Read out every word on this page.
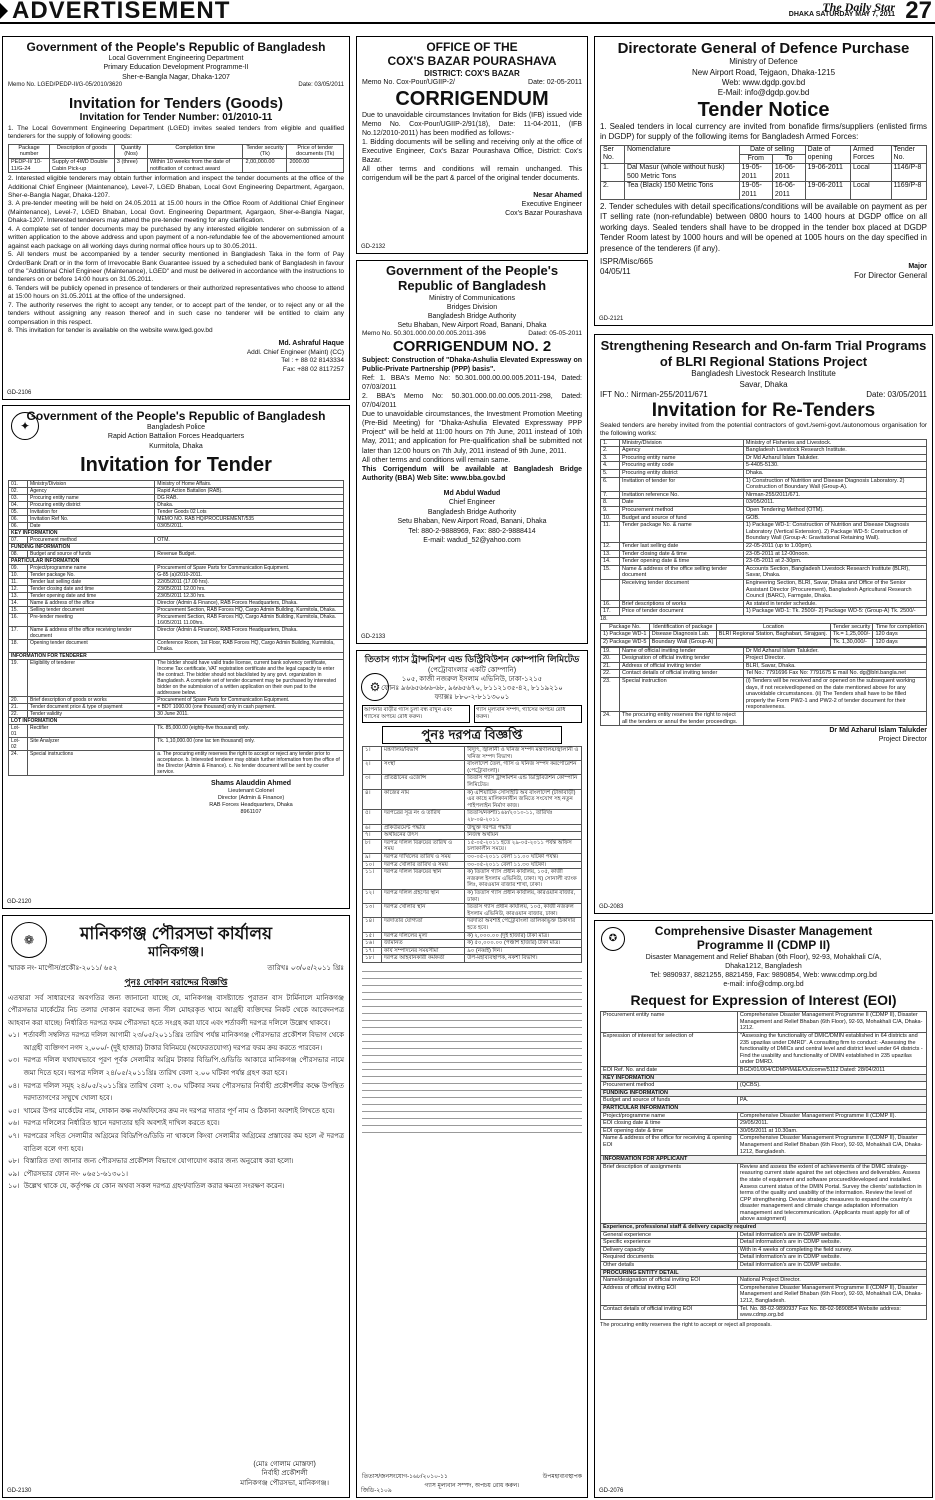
ADVERTISEMENT	The Daily Star
DHAKA SATURDAY MAY 7, 2011 27
Government of the People's Republic of Bangladesh
Local Government Engineering Department
Primary Education Development Programme-II
Sher-e-Bangla Nagar, Dhaka-1207
Memo No. LGED/PEDP-II/G-05/2010/3620	Date: 03/05/2011
Invitation for Tenders (Goods)
Invitation for Tender Number: 01/2010-11
1. The Local Government Engineering Department (LGED) invites sealed tenders from eligible and qualified tenderers for the supply of following goods:
Package number	Description of goods	Quantity (Nos)	Completion time	Tender security (Tk)	Price of tender documents (Tk)
PEDP-II/ 10-11/G-24	Supply of 4WD Double Cabin Pick-up	3 (three)	Within 10 weeks from the date of notification of contract award	2,00,000.00	2000.00
2. Interested eligible tenderers may obtain further information and inspect the tender documents at the office of the Additional Chief Engineer (Maintenance), Level-7, LGED Bhaban, Local Govt Engineering Department, Agargaon, Sher-e-Bangla Nagar, Dhaka-1207.
3. A pre-tender meeting will be held on 24.05.2011 at 15.00 hours in the Office Room of Additional Chief Engineer (Maintenance), Level-7, LGED Bhaban, Local Govt. Engineering Department, Agargaon, Sher-e-Bangla Nagar, Dhaka-1207. Interested tenderers may attend the pre-tender meeting for any clarification.
4. A complete set of tender documents may be purchased by any interested eligible tenderer on submission of a written application to the above address and upon payment of a non-refundable fee of the abovementioned amount against each package on all working days during normal office hours up to 30.05.2011.
5. All tenders must be accompanied by a tender security mentioned in Bangladesh Taka in the form of Pay Order/Bank Draft or in the form of Irrevocable Bank Guarantee issued by a scheduled bank of Bangladesh in favour of the "Additional Chief Engineer (Maintenance), LGED" and must be delivered in accordance with the instructions to tenderers on or before 14:00 hours on 31.05.2011.
6. Tenders will be publicly opened in presence of tenderers or their authorized representatives who choose to attend at 15:00 hours on 31.05.2011 at the office of the undersigned.
7. The authority reserves the right to accept any tender, or to accept part of the tender, or to reject any or all the tenders without assigning any reason thereof and in such case no tenderer will be entitled to claim any compensation in this respect.
8. This invitation for tender is available on the website www.lged.gov.bd
Md. Ashraful Haque
Addl. Chief Engineer (Maint) (CC)
Tel : + 88 02 8143334
Fax: +88 02 8117257
GD-2106
OFFICE OF THE
COX'S BAZAR POURASHAVA
DISTRICT: COX'S BAZAR
Memo No. Cox-Pour/UGIIP-2/	Date: 02-05-2011
CORRIGENDUM
Due to unavoidable circumstances Invitation for Bids (IFB) issued vide Memo No. Cox-Pour/UGIIP-2/91(18), Date: 11-04-2011, (IFB No.12/2010-2011) has been modified as follows:-
1. Bidding documents will be selling and receiving only at the office of Executive Engineer, Cox's Bazar Pourashava Office, District: Cox's Bazar.
All other terms and conditions will remain unchanged. This corrigendum will be the part & parcel of the original tender documents.
Nesar Ahamed
Executive Engineer
Cox's Bazar Pourashava
GD-2132
Directorate General of Defence Purchase
Ministry of Defence
New Airport Road, Tejgaon, Dhaka-1215
Web: www.dgdp.gov.bd
E-Mail: info@dgdp.gov.bd
Tender Notice
1. Sealed tenders in local currency are invited from bonafide firms/suppliers (enlisted firms in DGDP) for supply of the following items for Bangladesh Armed Forces:
Ser No.	Nomenclature	Date of selling		Date of opening	Armed Forces	Tender No.
		From	To			
1.	Dal Masur (whole without husk) 500 Metric Tons	19-05-2011	16-06-2011	19-06-2011	Local	1146/P-8
2.	Tea (Black) 150 Metric Tons	19-05-2011	16-06-2011	19-06-2011	Local	1169/P-8
2. Tender schedules with detail specifications/conditions will be available on payment as per IT selling rate (non-refundable) between 0800 hours to 1400 hours at DGDP office on all working days. Sealed tenders shall have to be dropped in the tender box placed at DGDP Tender Room latest by 1000 hours and will be opened at 1005 hours on the day specified in presence of the tenderers (if any).
ISPR/Misc/665
04/05/11
Major
For Director General
GD-2121
Government of the People's Republic of Bangladesh
Ministry of Communications
Bridges Division
Bangladesh Bridge Authority
Setu Bhaban, New Airport Road, Banani, Dhaka
Memo No. 50.301.000.00.00.005.2011-396	Dated: 05-05-2011
CORRIGENDUM NO. 2
Subject: Construction of "Dhaka-Ashulia Elevated Expressway on Public-Private Partnership (PPP) basis".
Ref: 1. BBA's Memo No: 50.301.000.00.00.005.2011-194, Dated: 07/03/2011
2. BBA's Memo No: 50.301.000.00.00.005.2011-298, Dated: 07/04/2011
Due to unavoidable circumstances, the Investment Promotion Meeting (Pre-Bid Meeting) for "Dhaka-Ashulia Elevated Expressway PPP Project" will be held at 11:00 hours on 7th June, 2011 instead of 10th May, 2011; and application for Pre-qualification shall be submitted not later than 12:00 hours on 7th July, 2011 instead of 9th June, 2011.
All other terms and conditions will remain same.
This Corrigendum will be available at Bangladesh Bridge Authority (BBA) Web Site: www.bba.gov.bd
Md Abdul Wadud
Chief Engineer
Bangladesh Bridge Authority
Setu Bhaban, New Airport Road, Banani, Dhaka
Tel: 880-2-9888969, Fax: 880-2-9888414
E-mail: wadud_52@yahoo.com
GD-2133
✦
Government of the People's Republic of Bangladesh
Bangladesh Police
Rapid Action Battalion Forces Headquarters
Kurmitola, Dhaka
Invitation for Tender
01.	Ministry/Division	Ministry of Home Affairs.
02.	Agency	Rapid Action Battalion (RAB).
03.	Procuring entity name	DG RAB.
04.	Procuring entity district	Dhaka.
05.	Invitation for	Tender Goods 02 Lots
06.	Invitation Ref No.	MEMO NO. RAB HQ/PROCUREMENT/535
06.	Date	03/05/2011.
KEY INFORMATION		
07.	Procurement method	OTM.
FUNDING INFORMATION		
08.	Budget and source of funds	Revenue Budget.
PARTICULAR INFORMATION		
09.	Project/programme name	Procurement of Spare Parts for Communication Equipment.
10.	Tender package No.	G-85 (a)/2010-2011.
11.	Tender last selling date	22/05/2011 (17.00 hrs).
12.	Tender closing date and time	23/05/2011 12.00 hrs.
13.	Tender opening date and time	23/05/2011 12.30 hrs.
14.	Name & address of the office	Director (Admin & Finance), RAB Forces Headquarters, Dhaka.
15.	Selling tender document	Procurement Section, RAB Forces HQ, Cargo Admin Building, Kurmitola, Dhaka.
16.	Pre-tender meeting	Procurement Section, RAB Forces HQ, Cargo Admin Building, Kurmitola, Dhaka. 16/05/2011 11.00hrs.
17.	Name & address of the office receiving tender document	Director (Admin & Finance), RAB Forces Headquarters, Dhaka.
18.	Opening tender document	Conference Room, 1st Floor, RAB Forces HQ, Cargo Admin Building, Kurmitola, Dhaka.
INFORMATION FOR TENDERER		
19.	Eligibility of tenderer	The bidder should have valid trade license, current bank solvency certificate, Income Tax certificate, VAT registration certificate and the legal capacity to enter the contract. The bidder should not blacklisted by any govt. organization in Bangladesh. A complete set of tender document may be purchased by interested bidder on the submission of a written application on their own pad to the addressee below.
20.	Brief description of goods or works	Procurement of Spare Parts for Communication Equipment.
21.	Tender document price & type of payment	= BDT 1000.00 (one thousand) only in cash payment.
22.	Tender validity	30 June 2011.
LOT INFORMATION		
Lot-01	Rectifier	Tk. 85,000.00 (eighty-five thousand) only.
Lot-02	Site Analyzer	Tk. 1,10,000.00 (one lac ten thousand) only.
24.	Special instructions	a. The procuring entity reserves the right to accept or reject any tender prior to acceptance. b. Interested tenderer may obtain further information from the office of the Director (Admin & Finance). c. No tender document will be sent by courier service.
Shams Alauddin Ahmed
Lieutenant Colonel
Director (Admin & Finance)
RAB Forces Headquarters, Dhaka
8961107
GD-2120
Strengthening Research and On-farm Trial Programs of BLRI Regional Stations Project
Bangladesh Livestock Research Institute
Savar, Dhaka
IFT No.: Nirman-255/2011/671	Date: 03/05/2011
Invitation for Re-Tenders
Sealed tenders are hereby invited from the potential contractors of govt./semi-govt./autonomous organisation for the following works:
1.	Ministry/Division	Ministry of Fisheries and Livestock.
2.	Agency	Bangladesh Livestock Research Institute.
3.	Procuring entity name	Dr Md Azharul Islam Talukder.
4.	Procuring entity code	5-4405-5130.
5.	Procuring entity district	Dhaka.
6.	Invitation of tender for	1) Construction of Nutrition and Disease Diagnosis Laboratory. 2) Construction of Boundary Wall (Group-A).
7.	Invitation reference No.	Nirman-255/2011/671.
8.	Date	03/05/2011.
9.	Procurement method	Open Tendering Method (OTM).
10.	Budget and source of fund	GOB.
11.	Tender package No. & name	1) Package WD-1: Construction of Nutrition and Disease Diagnosis Laboratory (Vertical Extension). 2) Package WD-5: Construction of Boundary Wall (Group-A: Gravitational Retaining Wall).
12.	Tender last selling date	22-05-2011 (up to 1.00pm).
13.	Tender closing date & time	23-05-2011 at 12-00noon.
14.	Tender opening date & time	23-05-2011 at 2-30pm.
15.	Name & address of the office selling tender document	Accounts Section, Bangladesh Livestock Research Institute (BLRI), Savar, Dhaka.
	Receiving tender document	Engineering Section, BLRI, Savar, Dhaka and Office of the Senior Assistant Director (Procurement), Bangladesh Agricultural Research Council (BARC), Farmgate, Dhaka.
16.	Brief descriptions of works	As stated in tender schedule.
17.	Price of tender document	1) Package WD-1: Tk. 2500/- 2) Package WD-5: (Group-A) Tk. 2500/-
18.
Package No.	Identification of package	Location	Tender security	Time for completion
1) Package WD-1	Disease Diagnosis Lab.	BLRI Regional Station, Baghabari, Sirajganj.	Tk.= 1,25,000/-	120 days
2) Package WD-5	Boundary Wall (Group-A)		Tk. 1,30,000/-	120 days
19.	Name of official inviting tender	Dr Md Azharul Islam Talukder.
20.	Designation of official inviting tender	Project Director.
21.	Address of official inviting tender	BLRI, Savar, Dhaka.
22.	Contact details of official inviting tender	Tel No.: 7791696 Fax No: 7791675 E mail No. dg@blri.bangla.net
23.	Special instruction	(i) Tenders will be received and or opened on the subsequent working days, if not received/opened on the date mentioned above for any unavoidable circumstances. (ii) The Tenders shall have to be filled properly the Form PW2-1 and PW2-2 of tender document for their responsiveness.
24.	The procuring entity reserves the right to reject all the tenders or annul the tender proceedings.	
Dr Md Azharul Islam Talukder
Project Director
GD-2083
⚙
তিতাস গ্যাস ট্রান্সমিশন এন্ড ডিস্ট্রিবিউশন কোম্পানি লিমিটেড
(পেট্রোবাংলার একটি কোম্পানি)
১০৫, কাজী নজরুল ইসলাম এভিনিউ, ঢাকা-১২১৫
ফোনঃ ৯৬৬৫৬৬৬-৬৮, ৯৬৬৫৬৭০, ৮১১২১৩৫-৪২, ৮১১৯২১০
ফ্যাক্সঃ ৮৮০-২-৮১১৩০০১
আপনার বাড়ীর গ্যাস চুলা বন্ধ রাখুন এবং গ্যাসের অপচয় রোধ করুন।
গ্যাস মূল্যবান সম্পদ, গ্যাসের অপচয় রোধ করুন।
পুনঃ দরপত্র বিজ্ঞপ্তি
১।	মন্ত্রণালয়/বিভাগ	বিদ্যুৎ, জ্বালানী ও খনিজ সম্পদ মন্ত্রণালয়/জ্বালানী ও খনিজ সম্পদ বিভাগ।
২।	সংস্থা	বাংলাদেশ তৈল, গ্যাস ও খনিজ সম্পদ করপোরেশন (পেট্রোবাংলা)।
৩।	প্রতিষ্ঠানের এজেন্সি	তিতাস গ্যাস ট্রান্সমিশন এন্ড ডিস্ট্রিবিউশন কোম্পানি লিমিটেড।
৪।	কাজের নাম	ক) এশিয়াটিক সোসাইটি অব বাংলাদেশ (টাঙ্গাবাড়ী) এর কাছে মালিকানাধীন জমিতে সংযোগ সহ নতুন পাইপলাইন নির্মাণ কাজ।
৫।	দরপত্রের সূত্র নং ও তারিখ	তিতাস/নকশা/১৬৮/২০১০-১১, তারিখঃ ২৮-০৪-২০১১
৬।	প্রকিউরমেন্ট পদ্ধতি	উন্মুক্ত দরপত্র পদ্ধতি
৭।	অর্থায়নের উৎস	নিজস্ব অর্থায়ন
৮।	দরপত্র দলিল বিক্রয়ের তারিখ ও সময়	১৫-০৫-২০১১ হতে ২৯-০৫-২০১১ পর্যন্ত অফিস চলাকালীন সময়ে।
৯।	দরপত্র দাখিলের তারিখ ও সময়	৩০-০৫-২০১১ বেলা ১১.০০ ঘটিকা পর্যন্ত।
১০।	দরপত্র খোলার তারিখ ও সময়	৩০-০৫-২০১১ বেলা ১১.৩০ ঘটিকা।
১১।	দরপত্র দলিল বিক্রয়ের স্থান	ক) তিতাস গ্যাস প্রধান কার্যালয়, ১০৫, কাজী নজরুল ইসলাম এভিনিউ, ঢাকা। খ) সোনালী ব্যাংক লিঃ, কারওয়ান বাজার শাখা, ঢাকা।
১২।	দরপত্র দলিল গ্রহণের স্থান	ক) তিতাস গ্যাস প্রধান কার্যালয়, কারওয়ান বাজার, ঢাকা।
১৩।	দরপত্র খোলার স্থান	তিতাস গ্যাস প্রধান কার্যালয়, ১০৫, কাজী নজরুল ইসলাম এভিনিউ, কারওয়ান বাজার, ঢাকা।
১৪।	দরদাতার যোগ্যতা	দরদাতা অবশ্যই পেট্রোবাংলা তালিকাভুক্ত ঠিকাদার হতে হবে।
১৫।	দরপত্র দলিলের মূল্য	ক) ২,০০০.০০ (দুই হাজার) টাকা মাত্র।
১৬।	জামানত	ক) ৫০,০০০.০০ (পঞ্চাশ হাজার) টাকা মাত্র।
১৭।	কার্য সম্পাদনের সময়সীমা	৯০ (নব্বই) দিন।
১৮।	দরপত্র আহবানকারী কর্মকর্তা	উপ-মহাব্যবস্থাপক, নকশা বিভাগ।
তিতাস/জনসংযোগ-১৬৮/২০১০-১১	উপমহাব্যবস্থাপক
গ্যাস মূল্যবান সম্পদ, অপচয় রোধ করুন।
জিডি-২১০৯
❁	মানিকগঞ্জ পৌরসভা কার্যালয়
মানিকগঞ্জ।
স্মারক নং- মাপৌস/প্রকৌঃ-২০১১/ ৬৫২	তারিখঃ ০৩/০৫/২০১১ খ্রিঃ
পুনঃ দোকান বরাদ্দের বিজ্ঞপ্তি
এতদ্বারা সর্ব সাধারণের অবগতির জন্য জানানো যাচ্ছে যে, মানিকগঞ্জ বাসষ্ট্যান্ডে পুরাতন বাস টার্মিনালে মানিকগঞ্জ পৌরসভার মার্কেটের নিচ তলার দোকান বরাদ্দের জন্য সীল মোহরকৃত খামে আগ্রহী ব্যক্তিদের নিকট থেকে আবেদনপত্র আহবান করা যাচ্ছে। নির্ধারিত দরপত্র ফরম পৌরসভা হতে সংগ্রহ করা যাবে এবং শর্তাবলী দরপত্র দলিলে উল্লেখ থাকবে।
০১। শর্তাবলী সম্বলিত দরপত্র দলিল আগামী ২৩/০৫/২০১১খ্রিঃ তারিখ পর্যন্ত মানিকগঞ্জ পৌরসভার প্রকৌশল বিভাগ থেকে আগ্রহী ব্যক্তিগণ নগদ ২,০০০/- (দুই হাজার) টাকার বিনিময়ে (অফেরতযোগ্য) দরপত্র ফরম ক্রয় করতে পারবেন।
০৩। দরপত্র দলিল যথাযথভাবে পূরণ পূর্বক সেলামীর অগ্রিম টাকার বিডি/পি.ও/ডিডি আকারে মানিকগঞ্জ পৌরসভার নামে জমা দিতে হবে। দরপত্র দলিল ২৪/০৫/২০১১খ্রিঃ তারিখ বেলা ২.০০ ঘটিকা পর্যন্ত গ্রহণ করা হবে।
০৪। দরপত্র দলিল সমূহ ২৪/০৫/২০১১খ্রিঃ তারিখ বেলা ২.৩০ ঘটিকার সময় পৌরসভার নির্বাহী প্রকৌশলীর কক্ষে উপস্থিত দরদাতাগণের সম্মুখে খোলা হবে।
০৫। খামের উপর মার্কেটের নাম, দোকান কক্ষ নং/অফিসের ক্রম নং দরপত্র দাতার পূর্ণ নাম ও ঠিকানা অবশ্যই লিখতে হবে।
০৬। দরপত্র দলিলের নির্ধারিত স্থানে দরদাতার ছবি অবশ্যই দাখিল করতে হবে।
০৭। দরপত্রের সহিত সেলামীর অগ্রিমের বিডি/পিও/ডিডি না থাকলে কিংবা সেলামীর অগ্রিমের প্রস্তাবের কম হলে ঐ দরপত্র বাতিল বলে গণ্য হবে।
০৮। বিস্তারিত তথ্য জানার জন্য পৌরসভার প্রকৌশল বিভাগে যোগাযোগ করার জন্য অনুরোধ করা হলো।
০৯। পৌরসভার ফোন নং- ০৬৫১-৬১৩০১।
১০। উল্লেখ থাকে যে, কর্তৃপক্ষ যে কোন অথবা সকল দরপত্র গ্রহণ/বাতিল করার ক্ষমতা সংরক্ষণ করেন।
(মোঃ গোলাম মোস্তফা)
নির্বাহী প্রকৌশলী
মানিকগঞ্জ পৌরসভা, মানিকগঞ্জ।
GD-2130
✪
Comprehensive Disaster Management Programme II (CDMP II)
Disaster Management and Relief Bhaban (6th Floor), 92-93, Mohakhali C/A,
Dhaka1212, Bangladesh
Tel: 9890937, 8821255, 8821459, Fax: 9890854, Web: www.cdmp.org.bd
e-mail: info@cdmp.org.bd
Request for Expression of Interest (EOI)
Procurement entity name	Comprehensive Disaster Management Programme II (CDMP II), Disaster Management and Relief Bhaban (6th Floor), 92-93, Mohakhali C/A, Dhaka-1212.
Expression of interest for selection of	"Assessing the functionality of DMIC/DMIN established in 64 districts and 235 upazilas under DMRD". A consulting firm to conduct: -Assessing the functionality of DMICs and central level and district level under 64 districts -Find the usability and functionality of DMIN established in 235 upazilas under DMRD.
EOI Ref. No. and date	BGD/01/004/CDMP/M&E/Outcome/5112 Dated: 28/04/2011
KEY INFORMATION	
Procurement method	(QCBS).
FUNDING INFORMATION	
Budget and source of funds	PA.
PARTICULAR INFORMATION	
Project/programme name	Comprehensive Disaster Management Programme II (CDMP II).
EOI closing date & time	29/05/2011.
EOI opening date & time	30/05/2011 at 10.30am.
Name & address of the office for receiving & opening EOI	Comprehensive Disaster Management Programme II (CDMP II), Disaster Management and Relief Bhaban (6th Floor), 92-93, Mohakhali C/A, Dhaka-1212, Bangladesh.
INFORMATION FOR APPLICANT	
Brief description of assignments	Review and assess the extent of achievements of the DMIC strategy-reasuring current state against the set objectives and deliverables. Assess the state of equipment and software procured/developed and installed. Assess current status of the DMIN Portal. Survey the clients' satisfaction in terms of the quality and usability of the information. Review the level of CPP strengthening. Devise strategic measures to expand the country's disaster management and climate change adaptation information management and telecommunication. (Applicants must apply for all of above assignment)
Experience, professional staff & delivery capacity required	
General experience	Detail information's are in CDMP website.
Specific experience	Detail information's are in CDMP website.
Delivery capacity	With in 4 weeks of completing the field survey.
Required documents	Detail information's are in CDMP website.
Other details	Detail information's are in CDMP website.
PROCURING ENTITY DETAIL	
Name/designation of official inviting EOI	National Project Director.
Address of official inviting EOI	Comprehensive Disaster Management Programme II (CDMP II), Disaster Management and Relief Bhaban (6th Floor), 92-93, Mohakhali C/A, Dhaka-1212, Bangladesh.
Contact details of official inviting EOI	Tel. No. 88-02-9890937 Fax No. 88-02-9890854 Website address: www.cdmp.org.bd
The procuring entity reserves the right to accept or reject all proposals.
GD-2076
